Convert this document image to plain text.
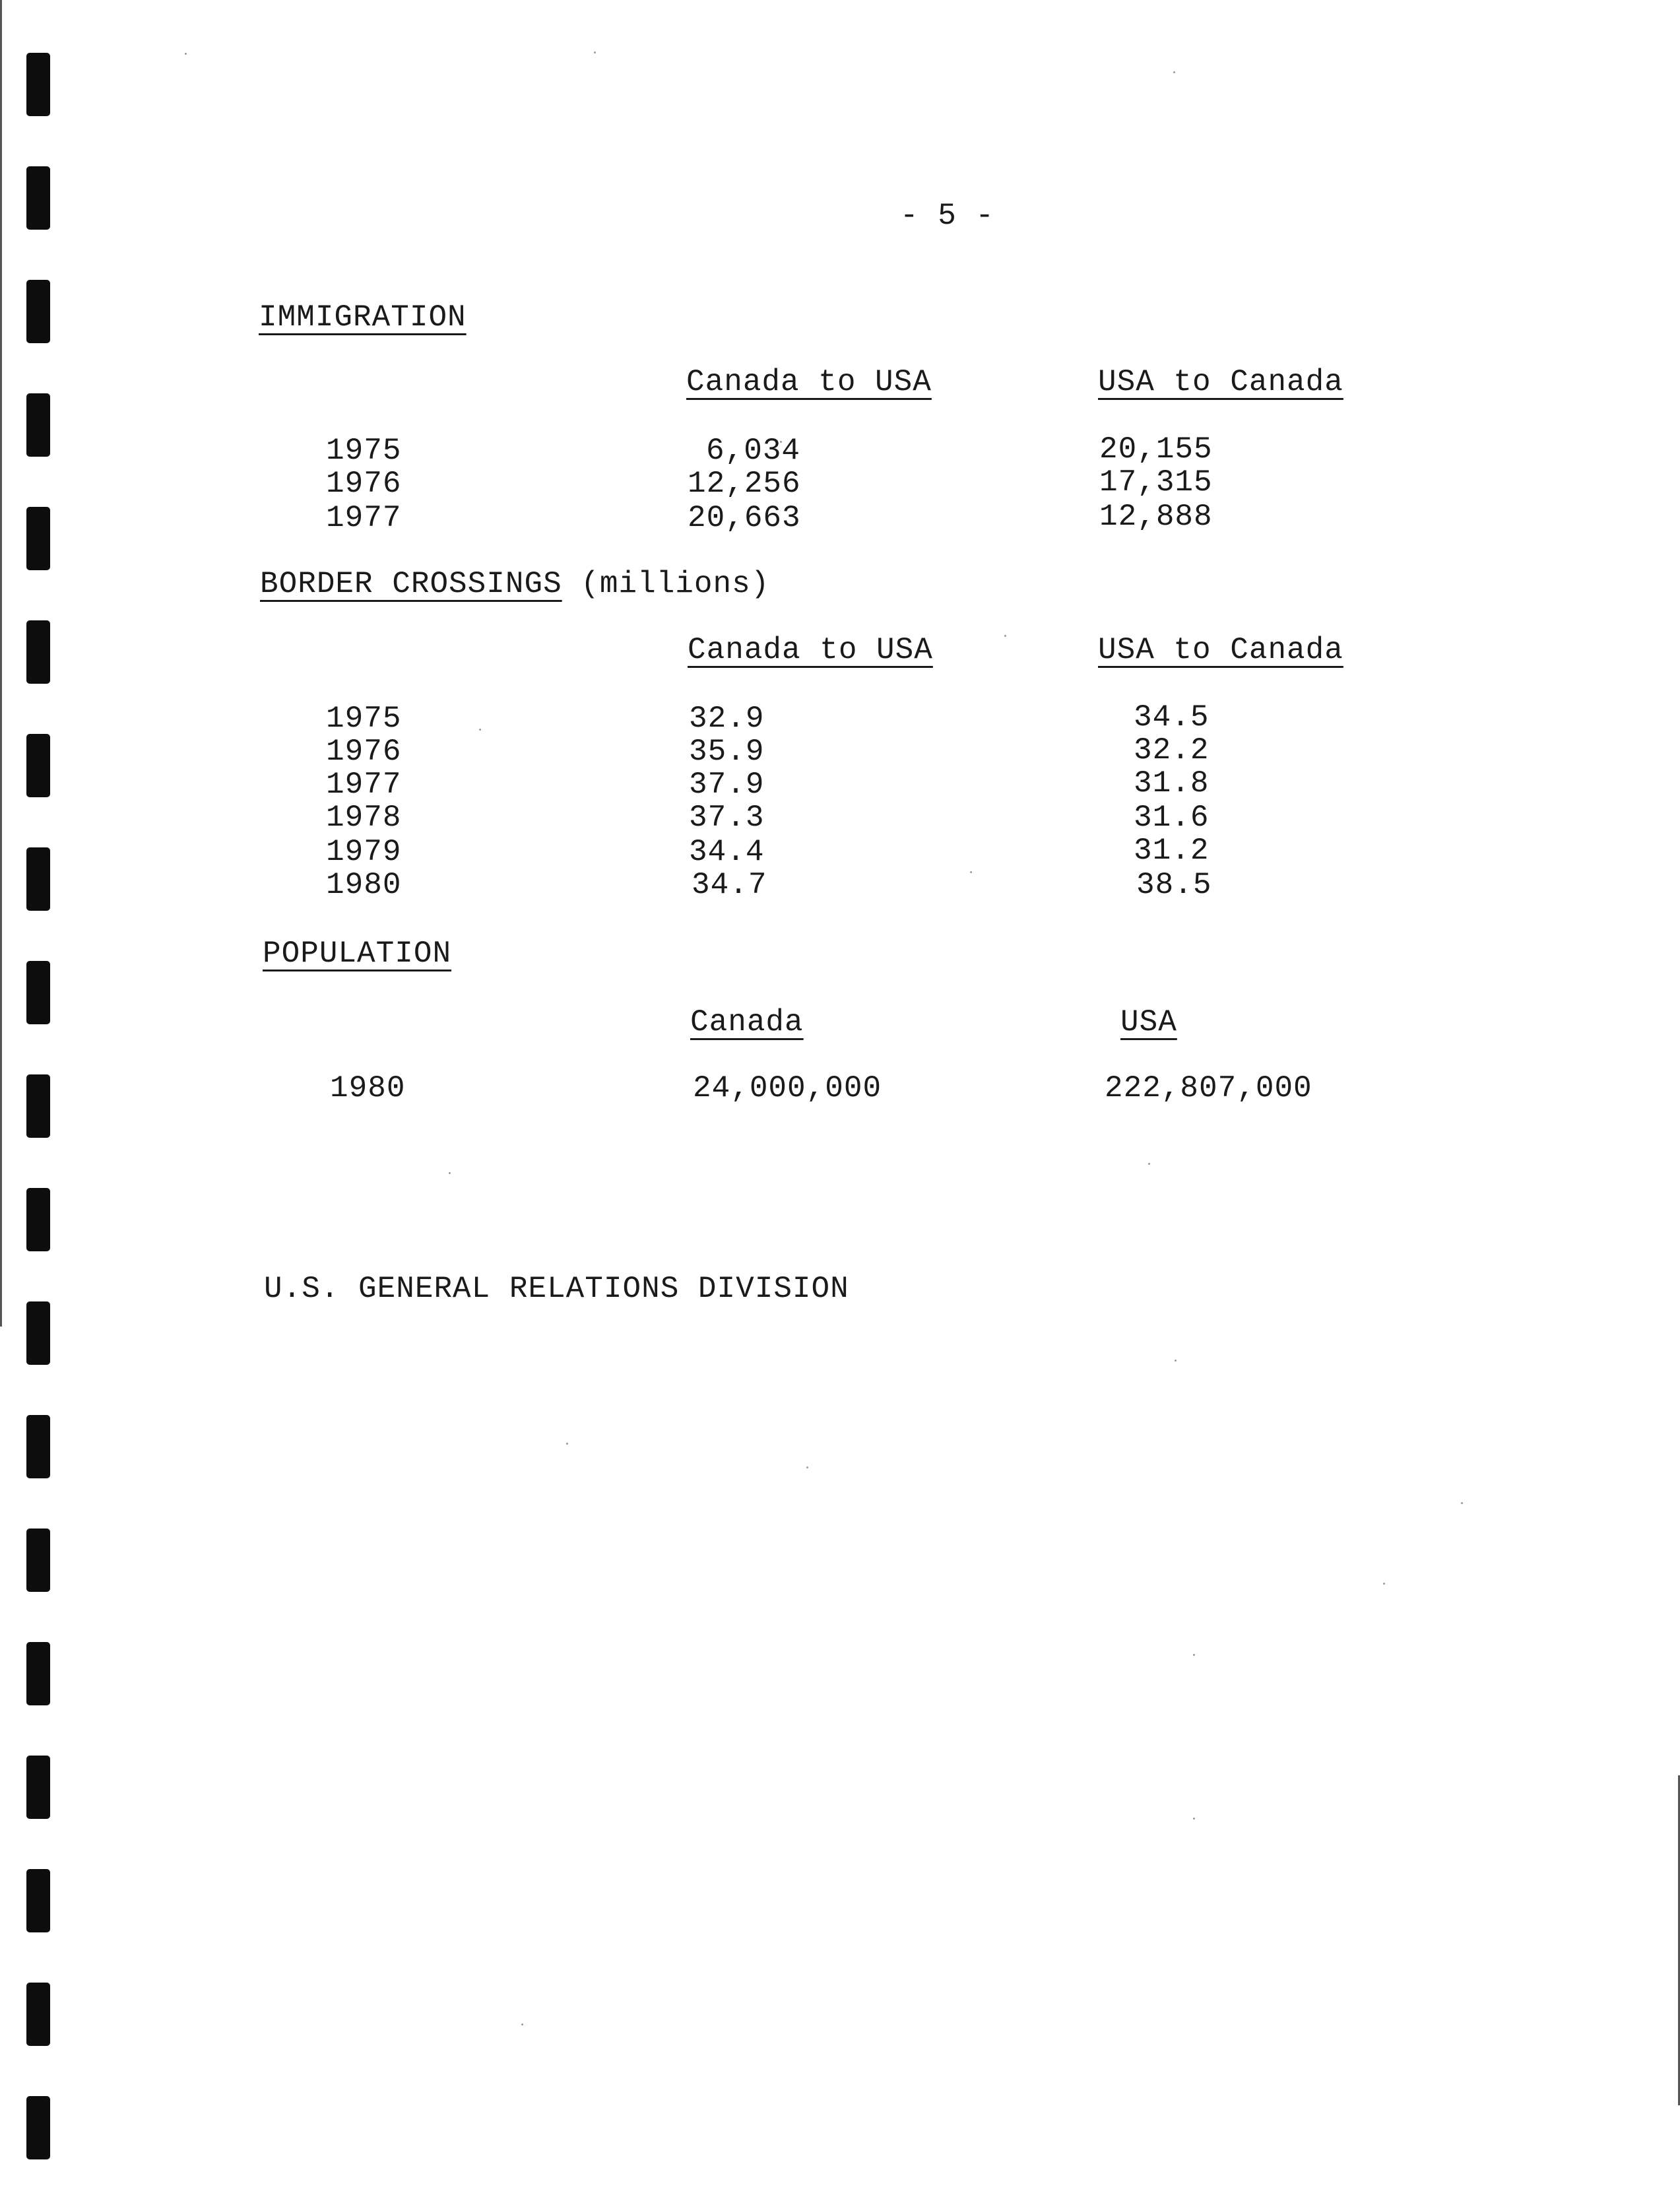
- 5 -
IMMIGRATION
Canada to USA	USA to Canada
1975	6,034	20,155
1976	12,256	17,315
1977	20,663	12,888
BORDER CROSSINGS (millions)
Canada to USA	USA to Canada
1975	32.9	34.5
1976	35.9	32.2
1977	37.9	31.8
1978	37.3	31.6
1979	34.4	31.2
1980	34.7	38.5
POPULATION
Canada	USA
1980	24,000,000	222,807,000
U.S. GENERAL RELATIONS DIVISION
